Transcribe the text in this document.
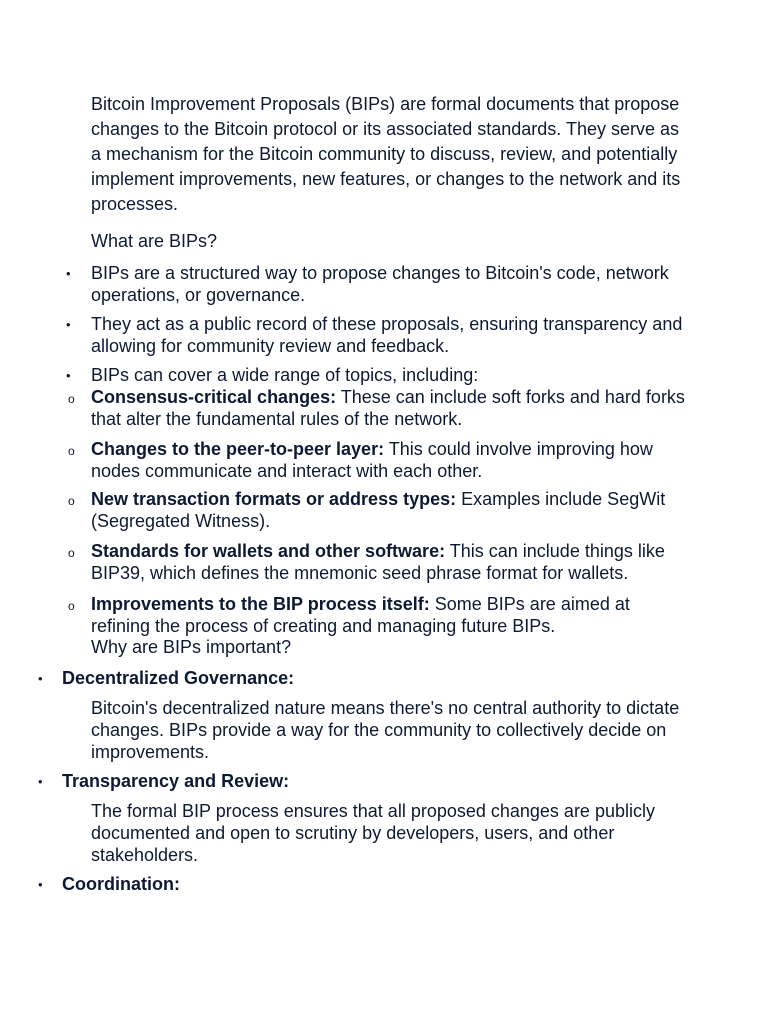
Bitcoin Improvement Proposals (BIPs) are formal documents that propose changes to the Bitcoin protocol or its associated standards. They serve as a mechanism for the Bitcoin community to discuss, review, and potentially implement improvements, new features, or changes to the network and its processes.

What are BIPs?

• BIPs are a structured way to propose changes to Bitcoin's code, network operations, or governance.
• They act as a public record of these proposals, ensuring transparency and allowing for community review and feedback.
• BIPs can cover a wide range of topics, including:
o Consensus-critical changes: These can include soft forks and hard forks that alter the fundamental rules of the network.
o Changes to the peer-to-peer layer: This could involve improving how nodes communicate and interact with each other.
o New transaction formats or address types: Examples include SegWit (Segregated Witness).
o Standards for wallets and other software: This can include things like BIP39, which defines the mnemonic seed phrase format for wallets.
o Improvements to the BIP process itself: Some BIPs are aimed at refining the process of creating and managing future BIPs.

Why are BIPs important?

• Decentralized Governance:
Bitcoin's decentralized nature means there's no central authority to dictate changes. BIPs provide a way for the community to collectively decide on improvements.
• Transparency and Review:
The formal BIP process ensures that all proposed changes are publicly documented and open to scrutiny by developers, users, and other stakeholders.
• Coordination:
